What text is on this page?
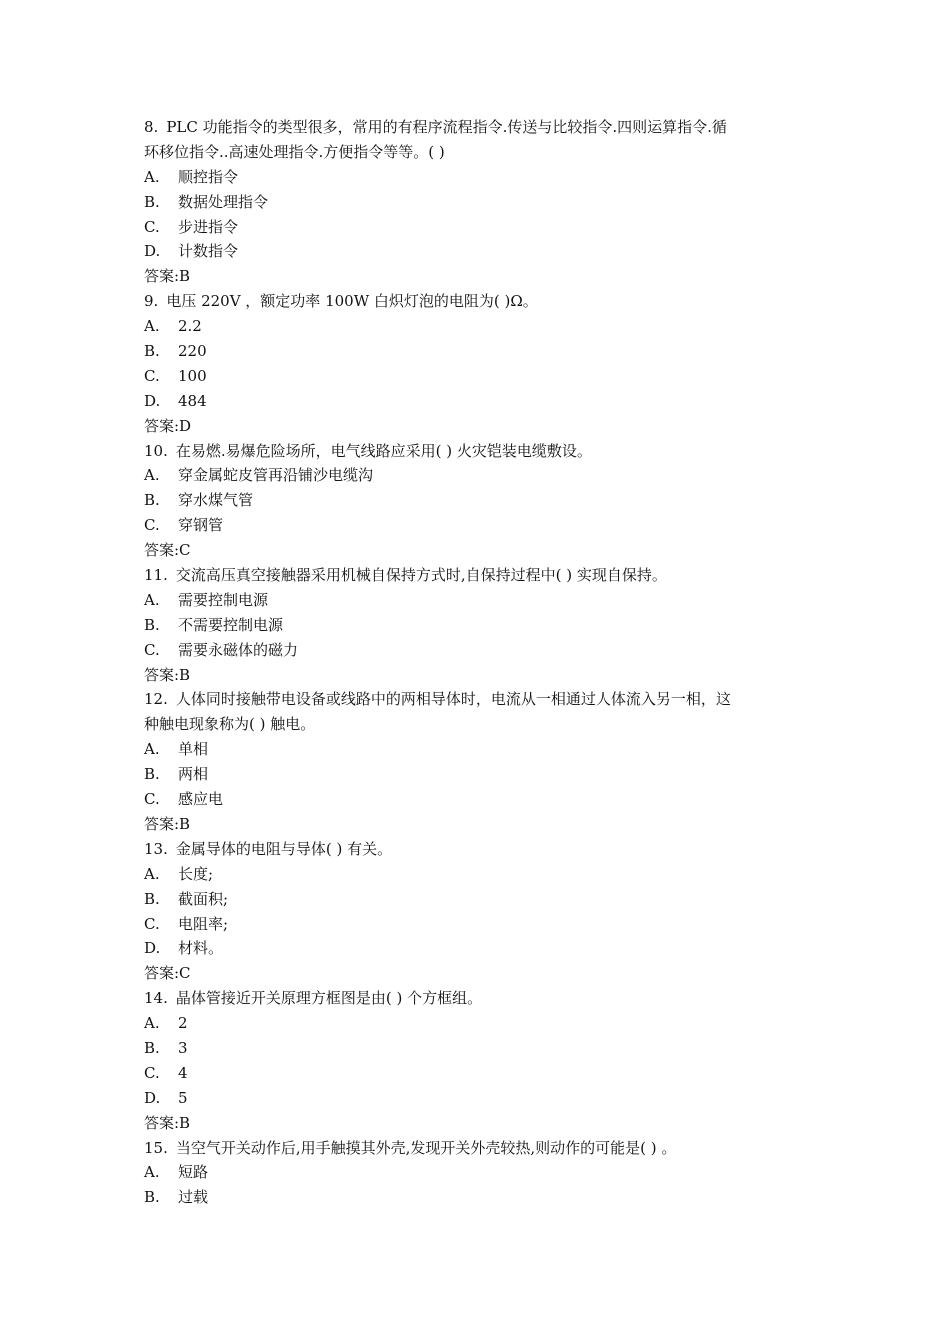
8. PLC 功能指令的类型很多，常用的有程序流程指令.传送与比较指令.四则运算指令.循
环移位指令..高速处理指令.方便指令等等。( )
A. 顺控指令
B. 数据处理指令
C. 步进指令
D. 计数指令
答案:B
9. 电压 220V ，额定功率 100W 白炽灯泡的电阻为( )Ω。
A. 2.2
B. 220
C. 100
D. 484
答案:D
10. 在易燃.易爆危险场所，电气线路应采用( ) 火灾铠装电缆敷设。
A. 穿金属蛇皮管再沿铺沙电缆沟
B. 穿水煤气管
C. 穿钢管
答案:C
11. 交流高压真空接触器采用机械自保持方式时,自保持过程中( ) 实现自保持。
A. 需要控制电源
B. 不需要控制电源
C. 需要永磁体的磁力
答案:B
12. 人体同时接触带电设备或线路中的两相导体时，电流从一相通过人体流入另一相，这
种触电现象称为( ) 触电。
A. 单相
B. 两相
C. 感应电
答案:B
13. 金属导体的电阻与导体( ) 有关。
A. 长度;
B. 截面积;
C. 电阻率;
D. 材料。
答案:C
14. 晶体管接近开关原理方框图是由( ) 个方框组。
A. 2
B. 3
C. 4
D. 5
答案:B
15. 当空气开关动作后,用手触摸其外壳,发现开关外壳较热,则动作的可能是( ) 。
A. 短路
B. 过载
